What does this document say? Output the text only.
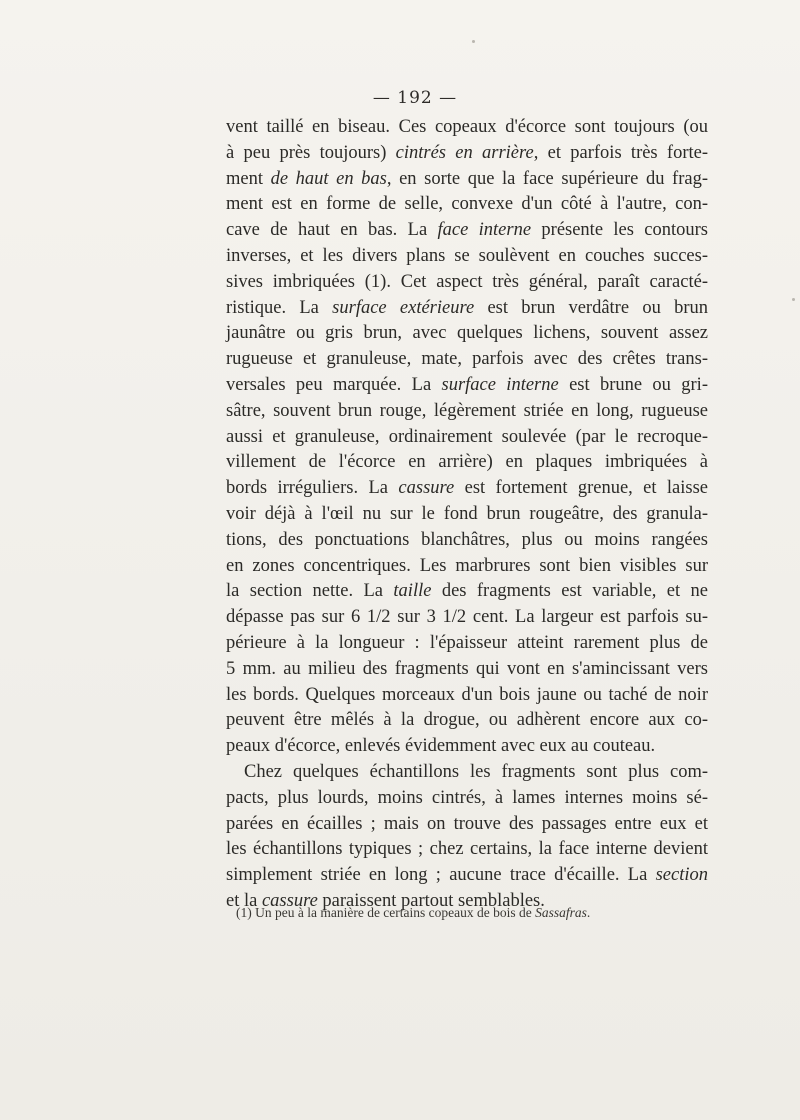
— 192 —
vent taillé en biseau. Ces copeaux d'écorce sont toujours (ou
à peu près toujours) cintrés en arrière, et parfois très forte-
ment de haut en bas, en sorte que la face supérieure du frag-
ment est en forme de selle, convexe d'un côté à l'autre, con-
cave de haut en bas. La face interne présente les contours
inverses, et les divers plans se soulèvent en couches succes-
sives imbriquées (1). Cet aspect très général, paraît caracté-
ristique. La surface extérieure est brun verdâtre ou brun
jaunâtre ou gris brun, avec quelques lichens, souvent assez
rugueuse et granuleuse, mate, parfois avec des crêtes trans-
versales peu marquée. La surface interne est brune ou gri-
sâtre, souvent brun rouge, légèrement striée en long, rugueuse
aussi et granuleuse, ordinairement soulevée (par le recroque-
villement de l'écorce en arrière) en plaques imbriquées à
bords irréguliers. La cassure est fortement grenue, et laisse
voir déjà à l'œil nu sur le fond brun rougeâtre, des granula-
tions, des ponctuations blanchâtres, plus ou moins rangées
en zones concentriques. Les marbrures sont bien visibles sur
la section nette. La taille des fragments est variable, et ne
dépasse pas sur 6 1/2 sur 3 1/2 cent. La largeur est parfois su-
périeure à la longueur : l'épaisseur atteint rarement plus de
5 mm. au milieu des fragments qui vont en s'amincissant vers
les bords. Quelques morceaux d'un bois jaune ou taché de noir
peuvent être mêlés à la drogue, ou adhèrent encore aux co-
peaux d'écorce, enlevés évidemment avec eux au couteau.
Chez quelques échantillons les fragments sont plus com-
pacts, plus lourds, moins cintrés, à lames internes moins sé-
parées en écailles ; mais on trouve des passages entre eux et
les échantillons typiques ; chez certains, la face interne devient
simplement striée en long ; aucune trace d'écaille. La section
et la cassure paraissent partout semblables.
(1) Un peu à la manière de certains copeaux de bois de Sassafras.
